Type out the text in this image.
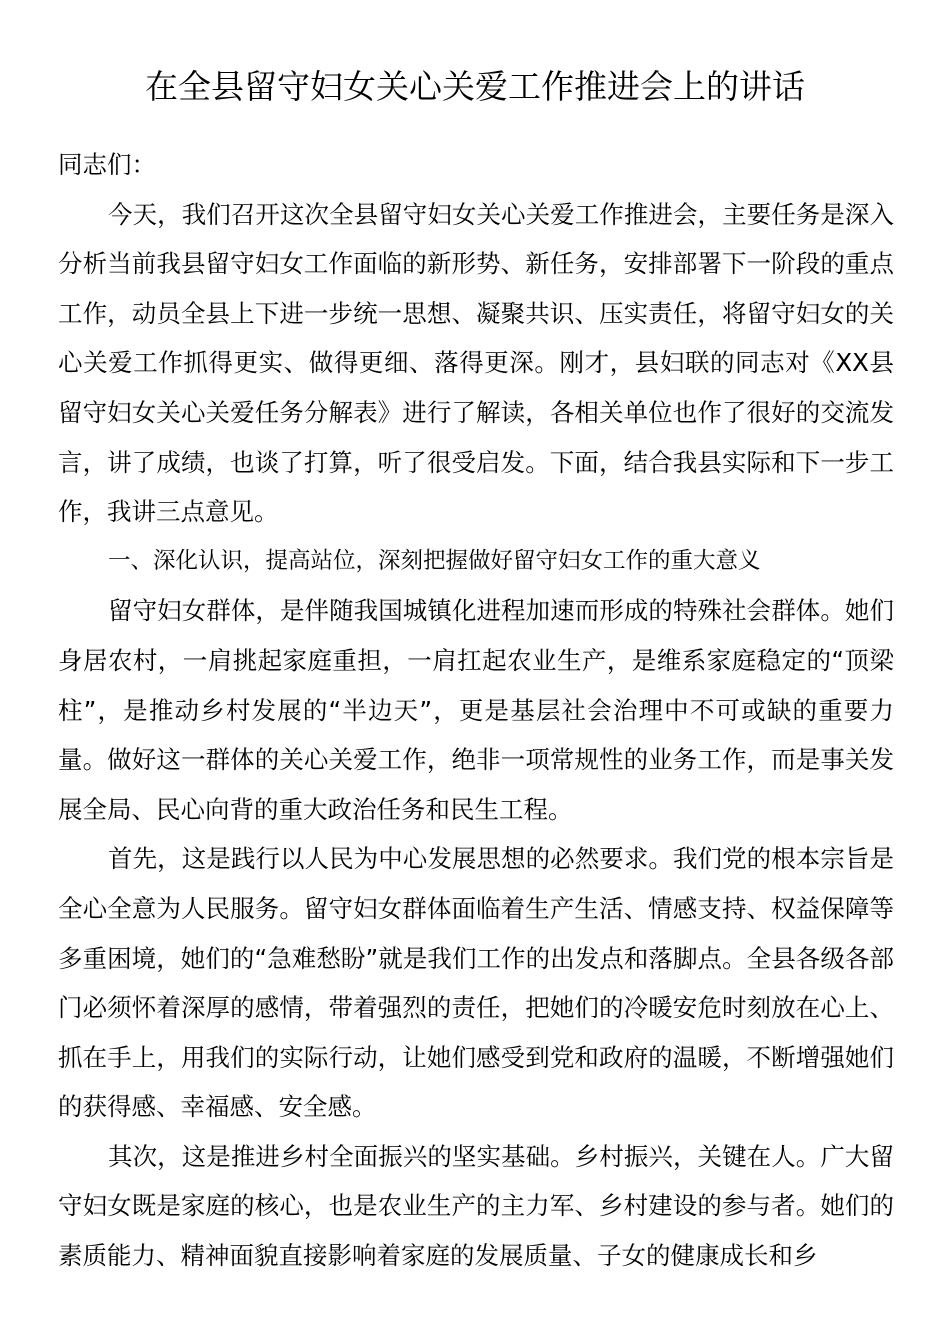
在全县留守妇女关心关爱工作推进会上的讲话

同志们：

今天，我们召开这次全县留守妇女关心关爱工作推进会，主要任务是深入分析当前我县留守妇女工作面临的新形势、新任务，安排部署下一阶段的重点工作，动员全县上下进一步统一思想、凝聚共识、压实责任，将留守妇女的关心关爱工作抓得更实、做得更细、落得更深。刚才，县妇联的同志对《XX县留守妇女关心关爱任务分解表》进行了解读，各相关单位也作了很好的交流发言，讲了成绩，也谈了打算，听了很受启发。下面，结合我县实际和下一步工作，我讲三点意见。

一、深化认识，提高站位，深刻把握做好留守妇女工作的重大意义

留守妇女群体，是伴随我国城镇化进程加速而形成的特殊社会群体。她们身居农村，一肩挑起家庭重担，一肩扛起农业生产，是维系家庭稳定的“顶梁柱”，是推动乡村发展的“半边天”，更是基层社会治理中不可或缺的重要力量。做好这一群体的关心关爱工作，绝非一项常规性的业务工作，而是事关发展全局、民心向背的重大政治任务和民生工程。

首先，这是践行以人民为中心发展思想的必然要求。我们党的根本宗旨是全心全意为人民服务。留守妇女群体面临着生产生活、情感支持、权益保障等多重困境，她们的“急难愁盼”就是我们工作的出发点和落脚点。全县各级各部门必须怀着深厚的感情，带着强烈的责任，把她们的冷暖安危时刻放在心上、抓在手上，用我们的实际行动，让她们感受到党和政府的温暖，不断增强她们的获得感、幸福感、安全感。

其次，这是推进乡村全面振兴的坚实基础。乡村振兴，关键在人。广大留守妇女既是家庭的核心，也是农业生产的主力军、乡村建设的参与者。她们的素质能力、精神面貌直接影响着家庭的发展质量、子女的健康成长和乡
